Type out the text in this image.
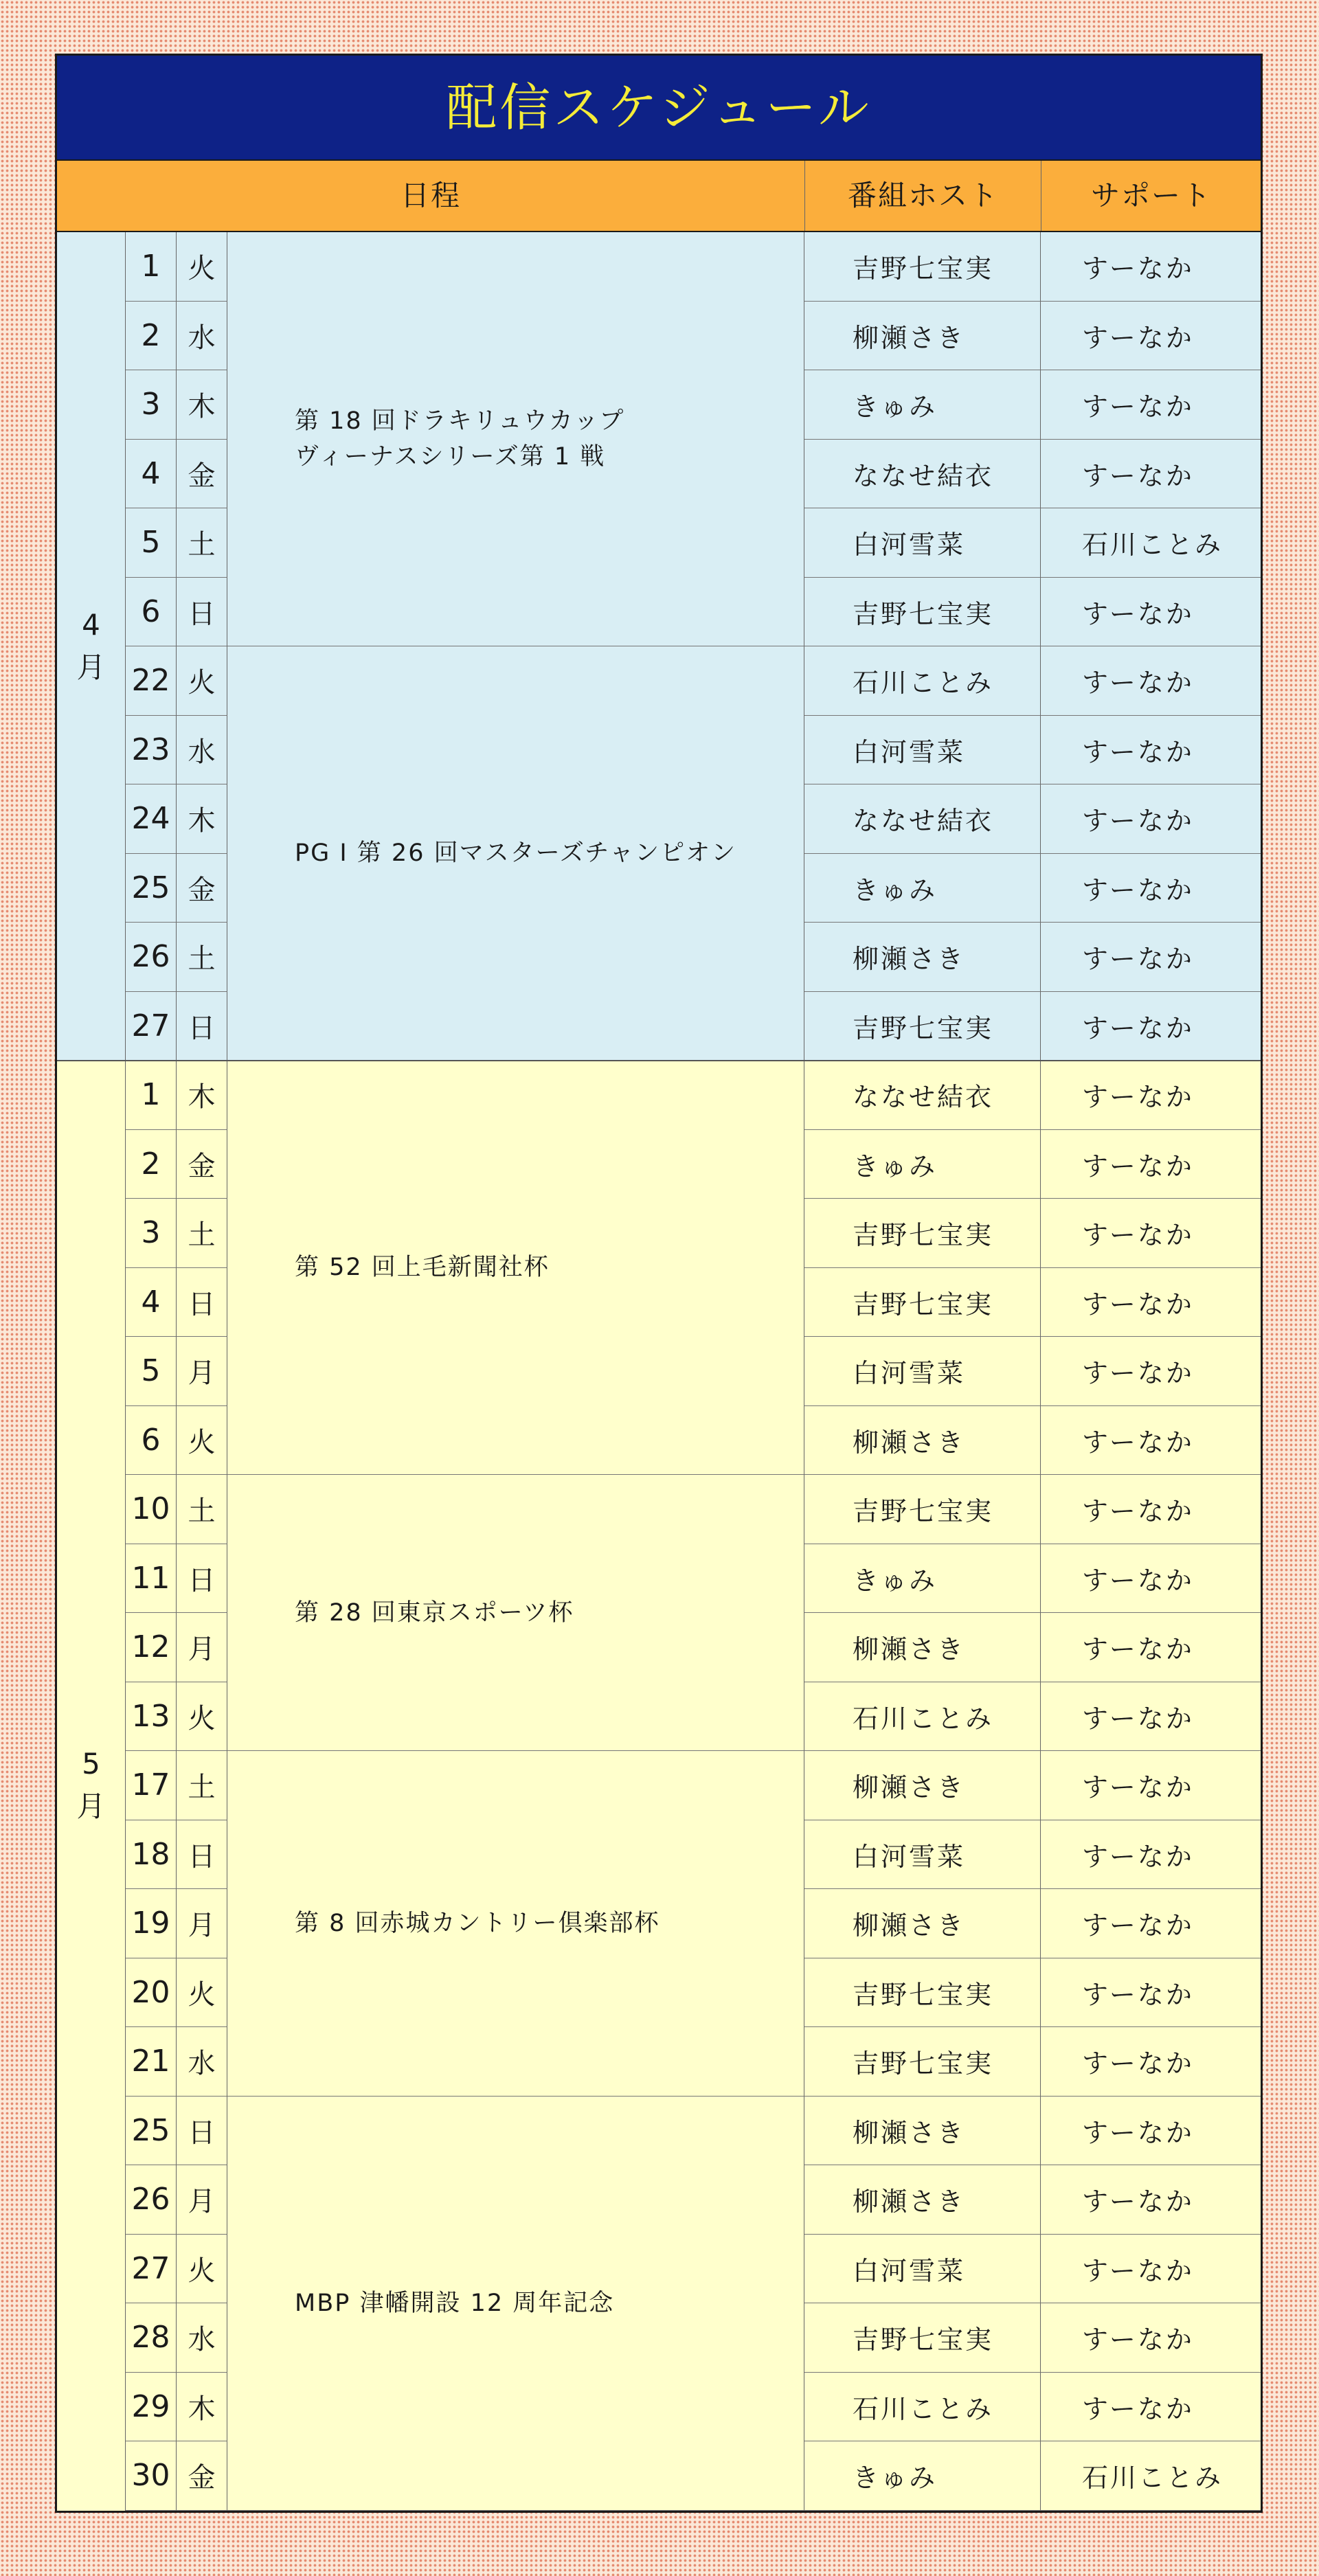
配信スケジュール
日程	番組ホスト	サポート
1	火	吉野七宝実	すーなか
2	水	柳瀬さき	すーなか
3	木	きゅみ	すーなか
4	金	ななせ結衣	すーなか
5	土	白河雪菜	石川ことみ
6	日	吉野七宝実	すーなか
第 18 回ドラキリュウカップ
ヴィーナスシリーズ第 1 戦
22 火	石川ことみ	すーなか
23 水	白河雪菜	すーなか
24 木	ななせ結衣	すーなか
25 金	きゅみ	すーなか
26 土	柳瀬さき	すーなか
27 日	吉野七宝実	すーなか
PG I 第 26 回マスターズチャンピオン
4
月
1	木	ななせ結衣	すーなか
2	金	きゅみ	すーなか
3	土	吉野七宝実	すーなか
4	日	吉野七宝実	すーなか
5	月	白河雪菜	すーなか
6	火	柳瀬さき	すーなか
第 52 回上毛新聞社杯
10 土	吉野七宝実	すーなか
11 日	きゅみ	すーなか
12 月	柳瀬さき	すーなか
13 火	石川ことみ	すーなか
第 28 回東京スポーツ杯
17 土	柳瀬さき	すーなか
18 日	白河雪菜	すーなか
19 月	柳瀬さき	すーなか
20 火	吉野七宝実	すーなか
21 水	吉野七宝実	すーなか
第 8 回赤城カントリー倶楽部杯
25 日	柳瀬さき	すーなか
26 月	柳瀬さき	すーなか
27 火	白河雪菜	すーなか
28 水	吉野七宝実	すーなか
29 木	石川ことみ	すーなか
30 金	きゅみ	石川ことみ
MBP 津幡開設 12 周年記念
5
月
